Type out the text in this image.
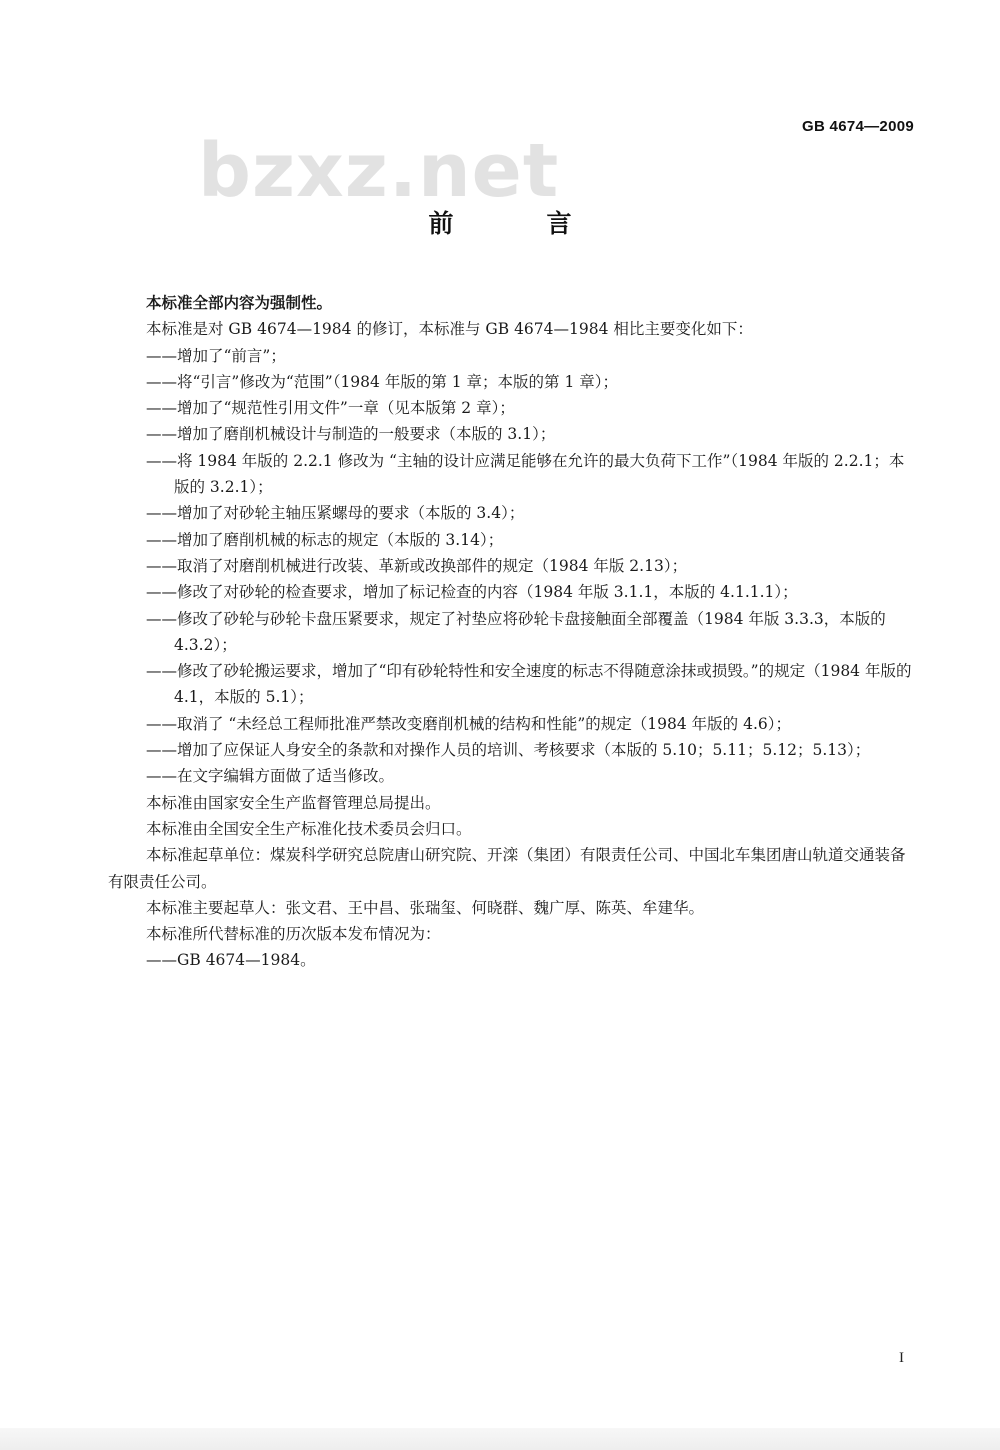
GB 4674—2009
bzxz.net
前　言

本标准全部内容为强制性。

本标准是对 GB 4674—1984 的修订，本标准与 GB 4674—1984 相比主要变化如下：

——增加了“前言”；

——将“引言”修改为“范围”（1984 年版的第 1 章；本版的第 1 章）；

——增加了“规范性引用文件”一章（见本版第 2 章）；

——增加了磨削机械设计与制造的一般要求（本版的 3.1）；

——将 1984 年版的 2.2.1 修改为 “主轴的设计应满足能够在允许的最大负荷下工作”（1984 年版的 2.2.1；本版的 3.2.1）；

——增加了对砂轮主轴压紧螺母的要求（本版的 3.4）；

——增加了磨削机械的标志的规定（本版的 3.14）；

——取消了对磨削机械进行改装、革新或改换部件的规定（1984 年版 2.13）；

——修改了对砂轮的检查要求，增加了标记检查的内容（1984 年版 3.1.1，本版的 4.1.1.1）；

——修改了砂轮与砂轮卡盘压紧要求，规定了衬垫应将砂轮卡盘接触面全部覆盖（1984 年版 3.3.3，本版的 4.3.2）；

——修改了砂轮搬运要求，增加了“印有砂轮特性和安全速度的标志不得随意涂抹或损毁。”的规定（1984 年版的 4.1，本版的 5.1）；

——取消了 “未经总工程师批准严禁改变磨削机械的结构和性能”的规定（1984 年版的 4.6）；

——增加了应保证人身安全的条款和对操作人员的培训、考核要求（本版的 5.10；5.11；5.12；5.13）；

——在文字编辑方面做了适当修改。

本标准由国家安全生产监督管理总局提出。

本标准由全国安全生产标准化技术委员会归口。

本标准起草单位：煤炭科学研究总院唐山研究院、开滦（集团）有限责任公司、中国北车集团唐山轨道交通装备有限责任公司。

本标准主要起草人：张文君、王中昌、张瑞玺、何晓群、魏广厚、陈英、牟建华。

本标准所代替标准的历次版本发布情况为：

——GB 4674—1984。

I
